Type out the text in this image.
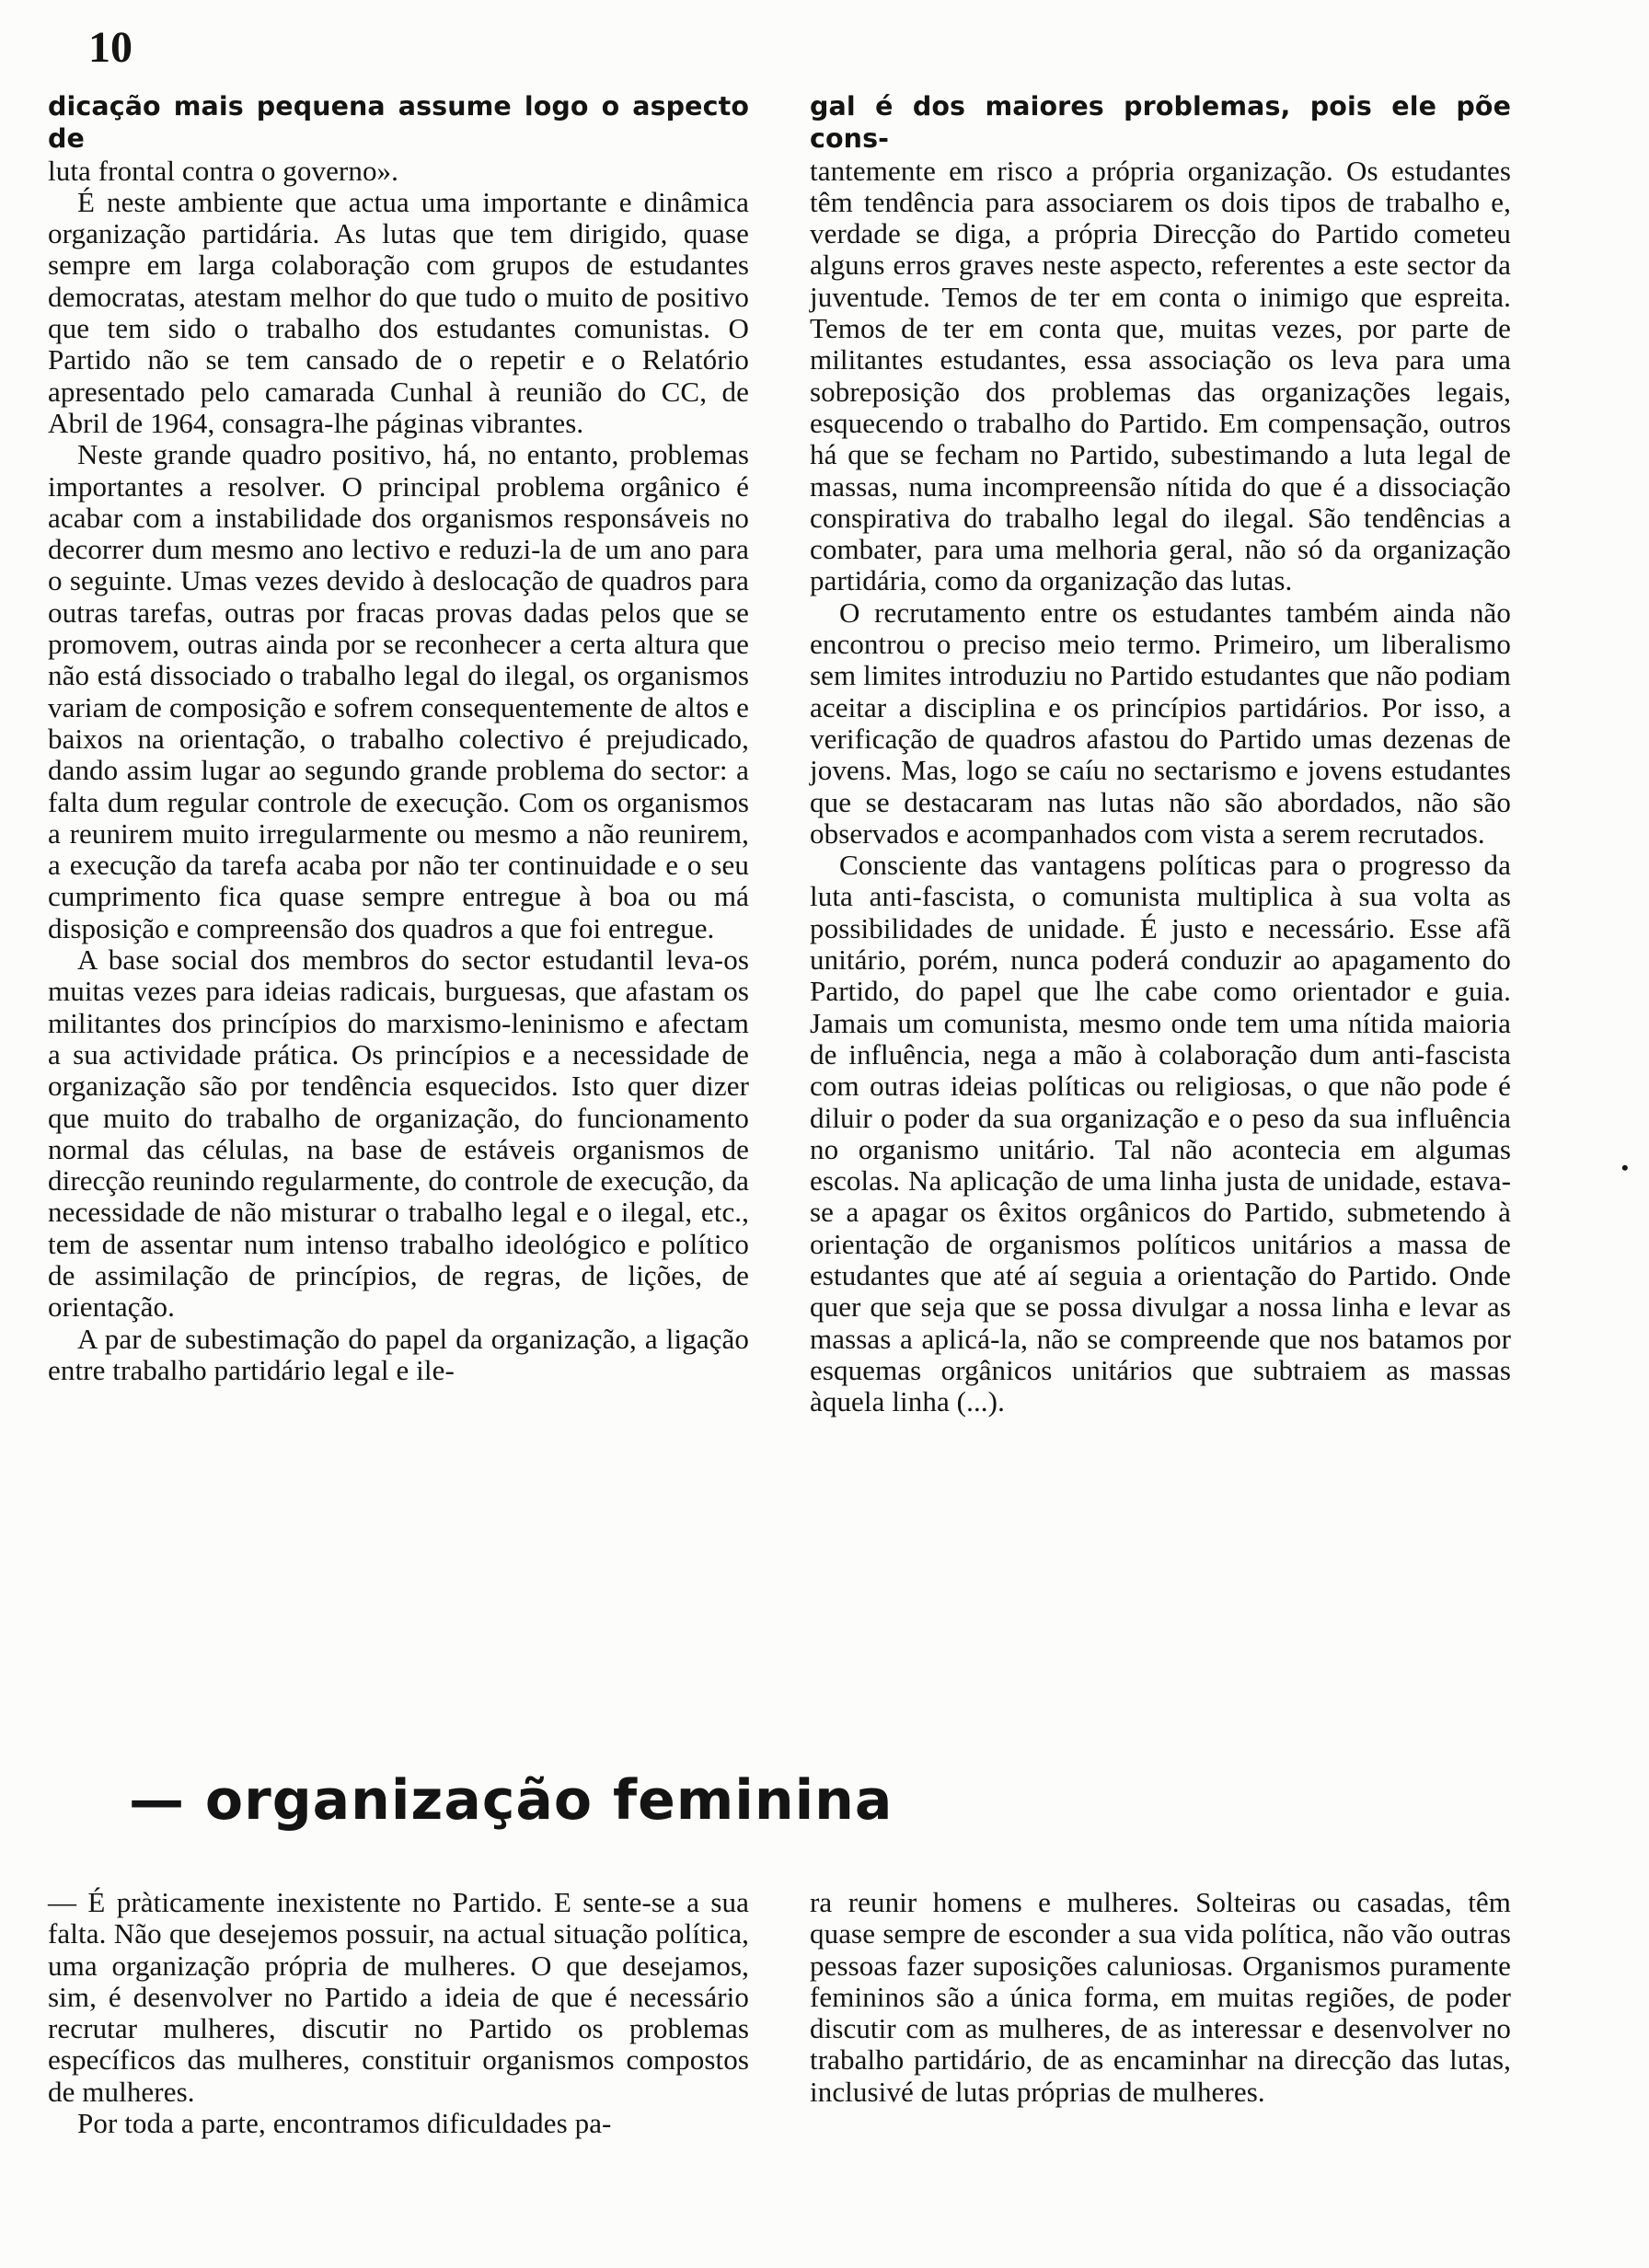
10

dicação mais pequena assume logo o aspecto de
luta frontal contra o governo».

É neste ambiente que actua uma importante e dinâmica organização partidária. As lutas que tem dirigido, quase sempre em larga colaboração com grupos de estudantes democratas, atestam melhor do que tudo o muito de positivo que tem sido o trabalho dos estudantes comunistas. O Partido não se tem cansado de o repetir e o Relatório apresentado pelo camarada Cunhal à reunião do CC, de Abril de 1964, consagra-lhe páginas vibrantes.

Neste grande quadro positivo, há, no entanto, problemas importantes a resolver. O principal problema orgânico é acabar com a instabilidade dos organismos responsáveis no decorrer dum mesmo ano lectivo e reduzi-la de um ano para o seguinte. Umas vezes devido à deslocação de quadros para outras tarefas, outras por fracas provas dadas pelos que se promovem, outras ainda por se reconhecer a certa altura que não está dissociado o trabalho legal do ilegal, os organismos variam de composição e sofrem consequentemente de altos e baixos na orientação, o trabalho colectivo é prejudicado, dando assim lugar ao segundo grande problema do sector: a falta dum regular controle de execução. Com os organismos a reunirem muito irregularmente ou mesmo a não reunirem, a execução da tarefa acaba por não ter continuidade e o seu cumprimento fica quase sempre entregue à boa ou má disposição e compreensão dos quadros a que foi entregue.

A base social dos membros do sector estudantil leva-os muitas vezes para ideias radicais, burguesas, que afastam os militantes dos princípios do marxismo-leninismo e afectam a sua actividade prática. Os princípios e a necessidade de organização são por tendência esquecidos. Isto quer dizer que muito do trabalho de organização, do funcionamento normal das células, na base de estáveis organismos de direcção reunindo regularmente, do controle de execução, da necessidade de não misturar o trabalho legal e o ilegal, etc., tem de assentar num intenso trabalho ideológico e político de assimilação de princípios, de regras, de lições, de orientação.

A par de subestimação do papel da organização, a ligação entre trabalho partidário legal e ile-

gal é dos maiores problemas, pois ele põe cons-
tantemente em risco a própria organização. Os estudantes têm tendência para associarem os dois tipos de trabalho e, verdade se diga, a própria Direcção do Partido cometeu alguns erros graves neste aspecto, referentes a este sector da juventude. Temos de ter em conta o inimigo que espreita. Temos de ter em conta que, muitas vezes, por parte de militantes estudantes, essa associação os leva para uma sobreposição dos problemas das organizações legais, esquecendo o trabalho do Partido. Em compensação, outros há que se fecham no Partido, subestimando a luta legal de massas, numa incompreensão nítida do que é a dissociação conspirativa do trabalho legal do ilegal. São tendências a combater, para uma melhoria geral, não só da organização partidária, como da organização das lutas.

O recrutamento entre os estudantes também ainda não encontrou o preciso meio termo. Primeiro, um liberalismo sem limites introduziu no Partido estudantes que não podiam aceitar a disciplina e os princípios partidários. Por isso, a verificação de quadros afastou do Partido umas dezenas de jovens. Mas, logo se caíu no sectarismo e jovens estudantes que se destacaram nas lutas não são abordados, não são observados e acompanhados com vista a serem recrutados.

Consciente das vantagens políticas para o progresso da luta anti-fascista, o comunista multiplica à sua volta as possibilidades de unidade. É justo e necessário. Esse afã unitário, porém, nunca poderá conduzir ao apagamento do Partido, do papel que lhe cabe como orientador e guia. Jamais um comunista, mesmo onde tem uma nítida maioria de influência, nega a mão à colaboração dum anti-fascista com outras ideias políticas ou religiosas, o que não pode é diluir o poder da sua organização e o peso da sua influência no organismo unitário. Tal não acontecia em algumas escolas. Na aplicação de uma linha justa de unidade, estava-se a apagar os êxitos orgânicos do Partido, submetendo à orientação de organismos políticos unitários a massa de estudantes que até aí seguia a orientação do Partido. Onde quer que seja que se possa divulgar a nossa linha e levar as massas a aplicá-la, não se compreende que nos batamos por esquemas orgânicos unitários que subtraiem as massas àquela linha (...).

•
— organização feminina

— É pràticamente inexistente no Partido. E sente-se a sua falta. Não que desejemos possuir, na actual situação política, uma organização própria de mulheres. O que desejamos, sim, é desenvolver no Partido a ideia de que é necessário recrutar mulheres, discutir no Partido os problemas específicos das mulheres, constituir organismos compostos de mulheres.

Por toda a parte, encontramos dificuldades pa-

ra reunir homens e mulheres. Solteiras ou casadas, têm quase sempre de esconder a sua vida política, não vão outras pessoas fazer suposições caluniosas. Organismos puramente femininos são a única forma, em muitas regiões, de poder discutir com as mulheres, de as interessar e desenvolver no trabalho partidário, de as encaminhar na direcção das lutas, inclusivé de lutas próprias de mulheres.
